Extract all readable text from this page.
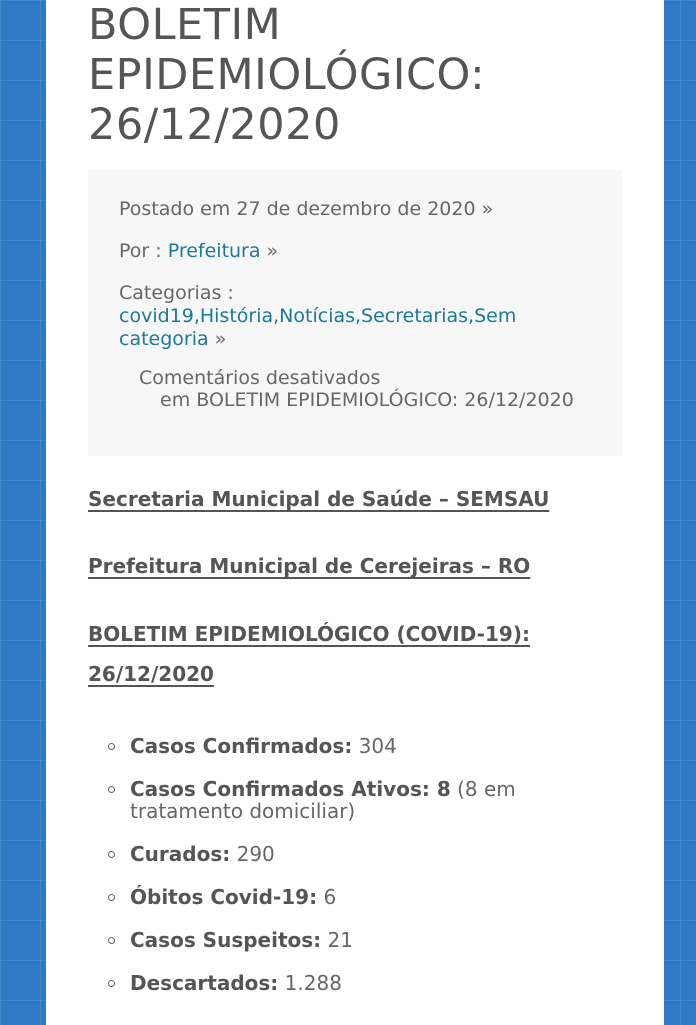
BOLETIM
EPIDEMIOLÓGICO:
26/12/2020
Postado em 27 de dezembro de 2020 »
Por : Prefeitura »
Categorias :
covid19,História,Notícias,Secretarias,Sem
categoria »
Comentários desativados
em BOLETIM EPIDEMIOLÓGICO: 26/12/2020
Secretaria Municipal de Saúde – SEMSAU
Prefeitura Municipal de Cerejeiras – RO
BOLETIM EPIDEMIOLÓGICO (COVID-19):
26/12/2020
Casos Confirmados: 304
Casos Confirmados Ativos: 8 (8 em
tratamento domiciliar)
Curados: 290
Óbitos Covid-19: 6
Casos Suspeitos: 21
Descartados: 1.288
